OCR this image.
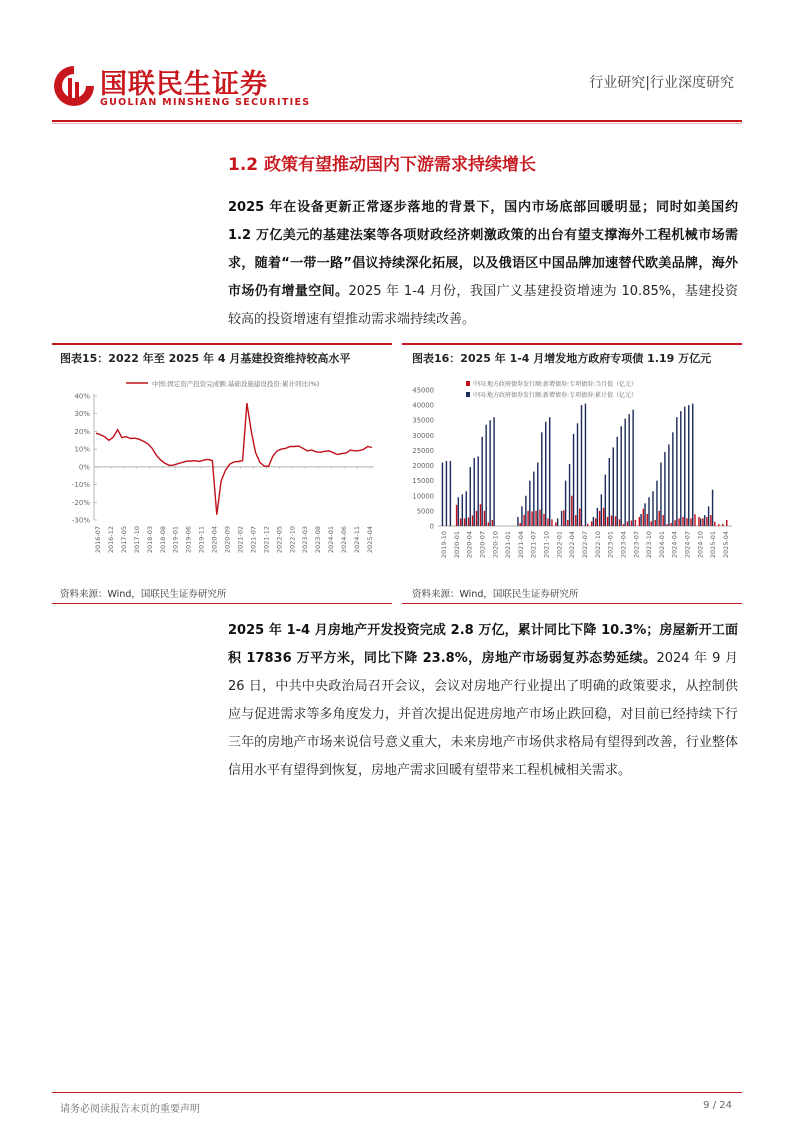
国联民生证券
GUOLIAN MINSHENG SECURITIES
行业研究|行业深度研究
1.2 政策有望推动国内下游需求持续增长
2025 年在设备更新正常逐步落地的背景下，国内市场底部回暖明显；同时如美国约 1.2 万亿美元的基建法案等各项财政经济刺激政策的出台有望支撑海外工程机械市场需求，随着“一带一路”倡议持续深化拓展，以及俄语区中国品牌加速替代欧美品牌，海外市场仍有增量空间。2025 年 1-4 月份，我国广义基建投资增速为 10.85%，基建投资较高的投资增速有望推动需求端持续改善。
图表15：2022 年至 2025 年 4 月基建投资维持较高水平
中国:固定资产投资完成额:基础设施建设投资:累计同比(%)
-30%
-20%
-10%
0%
10%
20%
30%
40%
2016-07 2016-12 2017-05 2017-10 2018-03 2018-08 2019-01 2019-06 2019-11 2020-04 2020-09 2021-02 2021-07 2021-12 2022-05 2022-10 2023-03 2023-08 2024-01 2024-06 2024-11 2025-04
资料来源：Wind，国联民生证券研究所
图表16：2025 年 1-4 月增发地方政府专项债 1.19 万亿元
中国:地方政府债券发行额:新增债券:专项债券:当月值（亿元）
中国:地方政府债券发行额:新增债券:专项债券:累计值（亿元）
0
5000
10000
15000
20000
25000
30000
35000
40000
45000
2019-10 2020-01 2020-04 2020-07 2020-10 2021-01 2021-04 2021-07 2021-10 2022-01 2022-04 2022-07 2022-10 2023-01 2023-04 2023-07 2023-10 2024-01 2024-04 2024-07 2024-10 2025-01 2025-04
资料来源：Wind，国联民生证券研究所
2025 年 1-4 月房地产开发投资完成 2.8 万亿，累计同比下降 10.3%；房屋新开工面积 17836 万平方米，同比下降 23.8%，房地产市场弱复苏态势延续。2024 年 9 月 26 日，中共中央政治局召开会议，会议对房地产行业提出了明确的政策要求，从控制供应与促进需求等多角度发力，并首次提出促进房地产市场止跌回稳，对目前已经持续下行三年的房地产市场来说信号意义重大，未来房地产市场供求格局有望得到改善，行业整体信用水平有望得到恢复，房地产需求回暖有望带来工程机械相关需求。
请务必阅读报告末页的重要声明	9 / 24
